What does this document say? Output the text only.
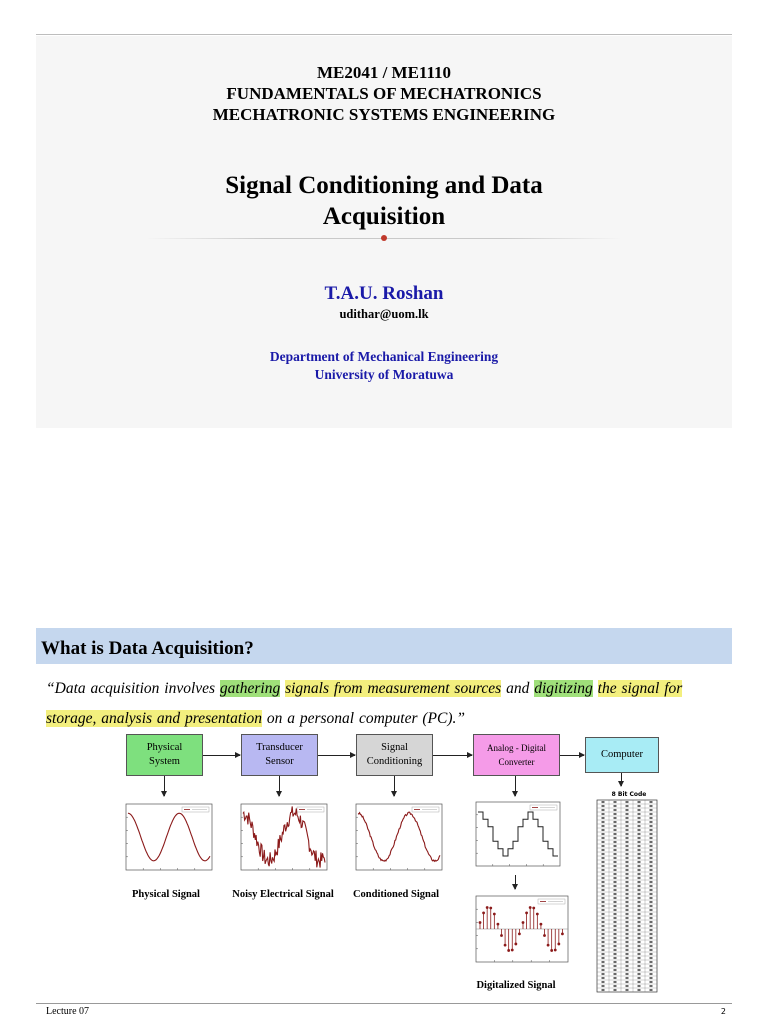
ME2041 / ME1110
FUNDAMENTALS OF MECHATRONICS
MECHATRONIC SYSTEMS ENGINEERING
Signal Conditioning and Data
Acquisition
T.A.U. Roshan
udithar@uom.lk
Department of Mechanical Engineering
University of Moratuwa
What is Data Acquisition?
“Data acquisition involves gathering signals from measurement sources and digitizing the signal for storage, analysis and presentation on a personal computer (PC).”
Physical
System
Transducer
Sensor
Signal
Conditioning
Analog - Digital
Converter
Computer
Physical Signal	Noisy Electrical Signal	Conditioned Signal
Digitalized Signal
8 Bit Code
Lecture 07	2
